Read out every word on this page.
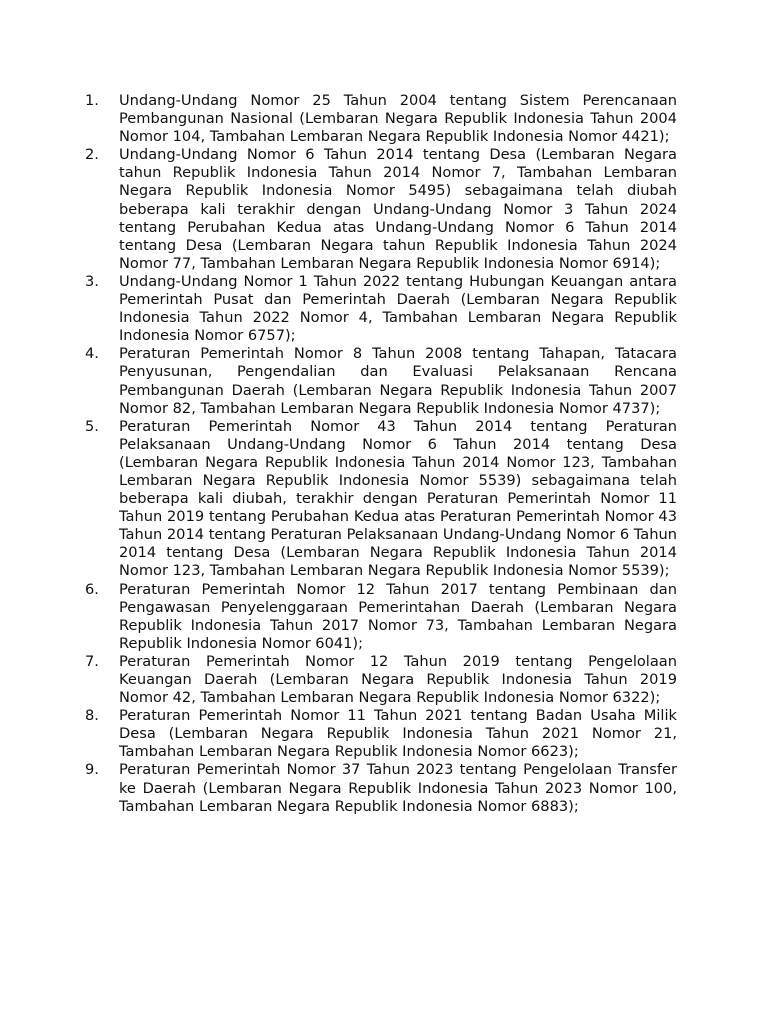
1. Undang-Undang Nomor 25 Tahun 2004 tentang Sistem Perencanaan Pembangunan Nasional (Lembaran Negara Republik Indonesia Tahun 2004 Nomor 104, Tambahan Lembaran Negara Republik Indonesia Nomor 4421);
2. Undang-Undang Nomor 6 Tahun 2014 tentang Desa (Lembaran Negara tahun Republik Indonesia Tahun 2014 Nomor 7, Tambahan Lembaran Negara Republik Indonesia Nomor 5495) sebagaimana telah diubah beberapa kali terakhir dengan Undang-Undang Nomor 3 Tahun 2024 tentang Perubahan Kedua atas Undang-Undang Nomor 6 Tahun 2014 tentang Desa (Lembaran Negara tahun Republik Indonesia Tahun 2024 Nomor 77, Tambahan Lembaran Negara Republik Indonesia Nomor 6914);
3. Undang-Undang Nomor 1 Tahun 2022 tentang Hubungan Keuangan antara Pemerintah Pusat dan Pemerintah Daerah (Lembaran Negara Republik Indonesia Tahun 2022 Nomor 4, Tambahan Lembaran Negara Republik Indonesia Nomor 6757);
4. Peraturan Pemerintah Nomor 8 Tahun 2008 tentang Tahapan, Tatacara Penyusunan, Pengendalian dan Evaluasi Pelaksanaan Rencana Pembangunan Daerah (Lembaran Negara Republik Indonesia Tahun 2007 Nomor 82, Tambahan Lembaran Negara Republik Indonesia Nomor 4737);
5. Peraturan Pemerintah Nomor 43 Tahun 2014 tentang Peraturan Pelaksanaan Undang-Undang Nomor 6 Tahun 2014 tentang Desa (Lembaran Negara Republik Indonesia Tahun 2014 Nomor 123, Tambahan Lembaran Negara Republik Indonesia Nomor 5539) sebagaimana telah beberapa kali diubah, terakhir dengan Peraturan Pemerintah Nomor 11 Tahun 2019 tentang Perubahan Kedua atas Peraturan Pemerintah Nomor 43 Tahun 2014 tentang Peraturan Pelaksanaan Undang-Undang Nomor 6 Tahun 2014 tentang Desa (Lembaran Negara Republik Indonesia Tahun 2014 Nomor 123, Tambahan Lembaran Negara Republik Indonesia Nomor 5539);
6. Peraturan Pemerintah Nomor 12 Tahun 2017 tentang Pembinaan dan Pengawasan Penyelenggaraan Pemerintahan Daerah (Lembaran Negara Republik Indonesia Tahun 2017 Nomor 73, Tambahan Lembaran Negara Republik Indonesia Nomor 6041);
7. Peraturan Pemerintah Nomor 12 Tahun 2019 tentang Pengelolaan Keuangan Daerah (Lembaran Negara Republik Indonesia Tahun 2019 Nomor 42, Tambahan Lembaran Negara Republik Indonesia Nomor 6322);
8. Peraturan Pemerintah Nomor 11 Tahun 2021 tentang Badan Usaha Milik Desa (Lembaran Negara Republik Indonesia Tahun 2021 Nomor 21, Tambahan Lembaran Negara Republik Indonesia Nomor 6623);
9. Peraturan Pemerintah Nomor 37 Tahun 2023 tentang Pengelolaan Transfer ke Daerah (Lembaran Negara Republik Indonesia Tahun 2023 Nomor 100, Tambahan Lembaran Negara Republik Indonesia Nomor 6883);
